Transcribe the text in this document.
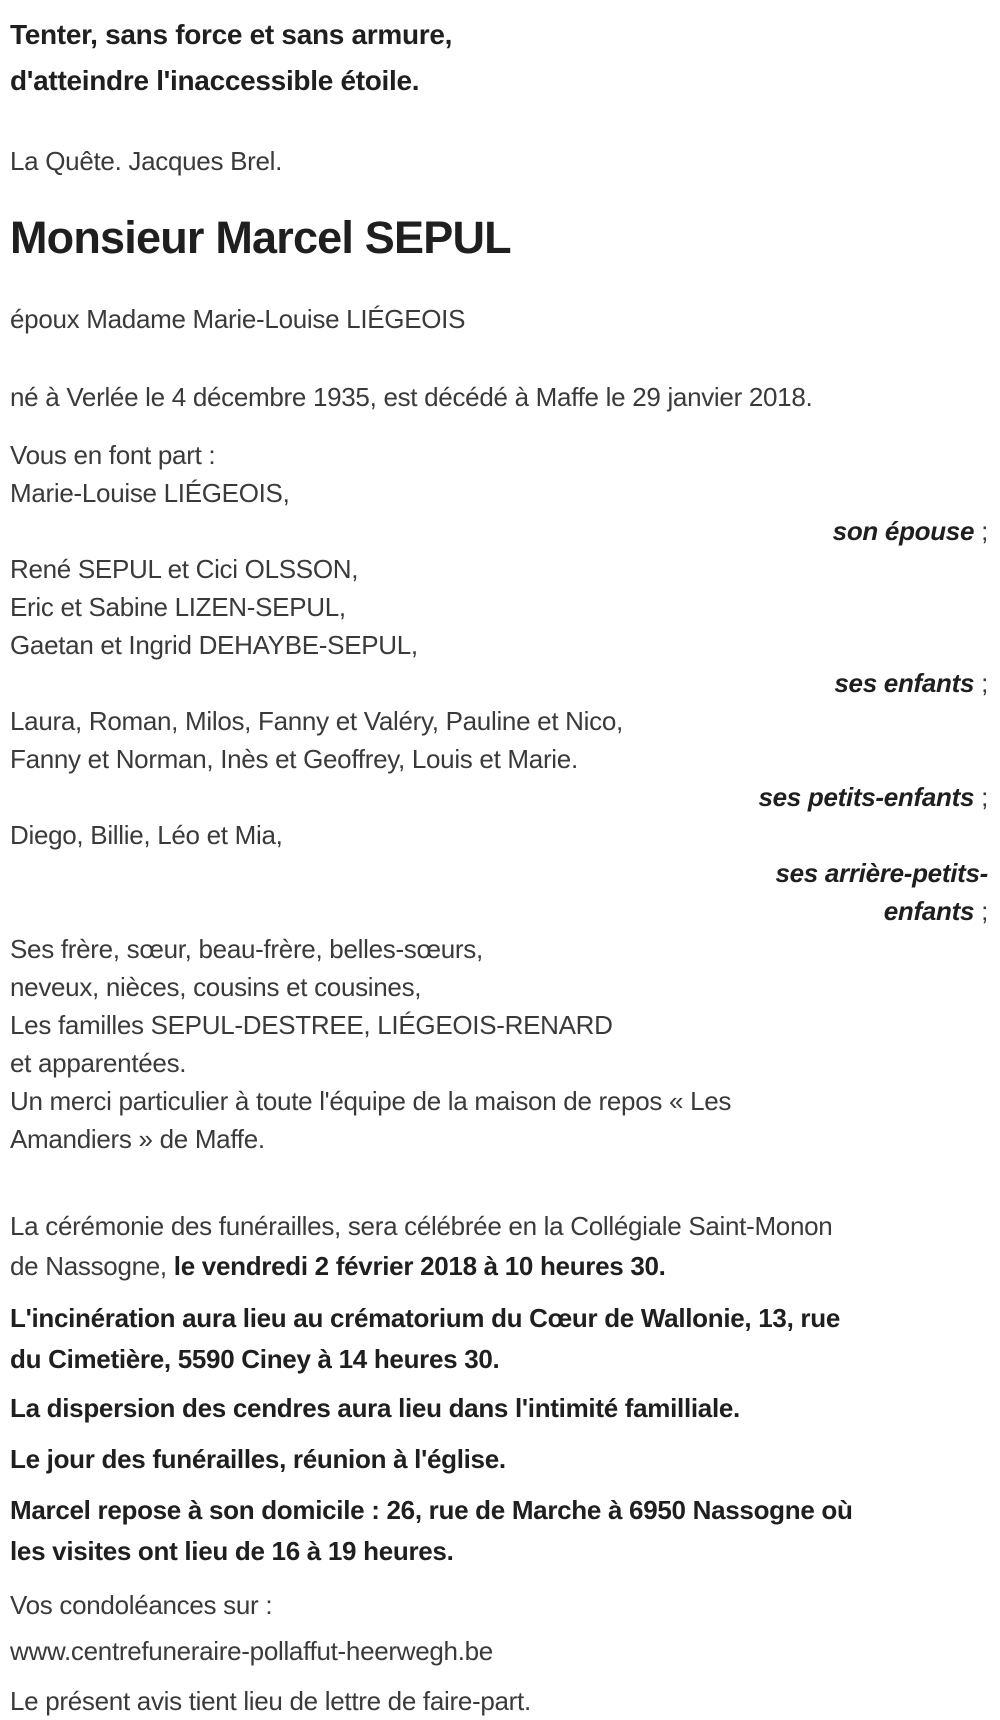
Tenter, sans force et sans armure,
d'atteindre l'inaccessible étoile.

La Quête. Jacques Brel.

Monsieur Marcel SEPUL

époux Madame Marie-Louise LIÉGEOIS

né à Verlée le 4 décembre 1935, est décédé à Maffe le 29 janvier 2018.

Vous en font part :
Marie-Louise LIÉGEOIS,
son épouse ;
René SEPUL et Cici OLSSON,
Eric et Sabine LIZEN-SEPUL,
Gaetan et Ingrid DEHAYBE-SEPUL,
ses enfants ;
Laura, Roman, Milos, Fanny et Valéry, Pauline et Nico,
Fanny et Norman, Inès et Geoffrey, Louis et Marie.
ses petits-enfants ;
Diego, Billie, Léo et Mia,
ses arrière-petits-
enfants ;
Ses frère, sœur, beau-frère, belles-sœurs,
neveux, nièces, cousins et cousines,
Les familles SEPUL-DESTREE, LIÉGEOIS-RENARD
et apparentées.
Un merci particulier à toute l'équipe de la maison de repos « Les
Amandiers » de Maffe.

La cérémonie des funérailles, sera célébrée en la Collégiale Saint-Monon
de Nassogne, le vendredi 2 février 2018 à 10 heures 30.

L'incinération aura lieu au crématorium du Cœur de Wallonie, 13, rue
du Cimetière, 5590 Ciney à 14 heures 30.

La dispersion des cendres aura lieu dans l'intimité familliale.

Le jour des funérailles, réunion à l'église.

Marcel repose à son domicile : 26, rue de Marche à 6950 Nassogne où
les visites ont lieu de 16 à 19 heures.

Vos condoléances sur :

www.centrefuneraire-pollaffut-heerwegh.be

Le présent avis tient lieu de lettre de faire-part.
